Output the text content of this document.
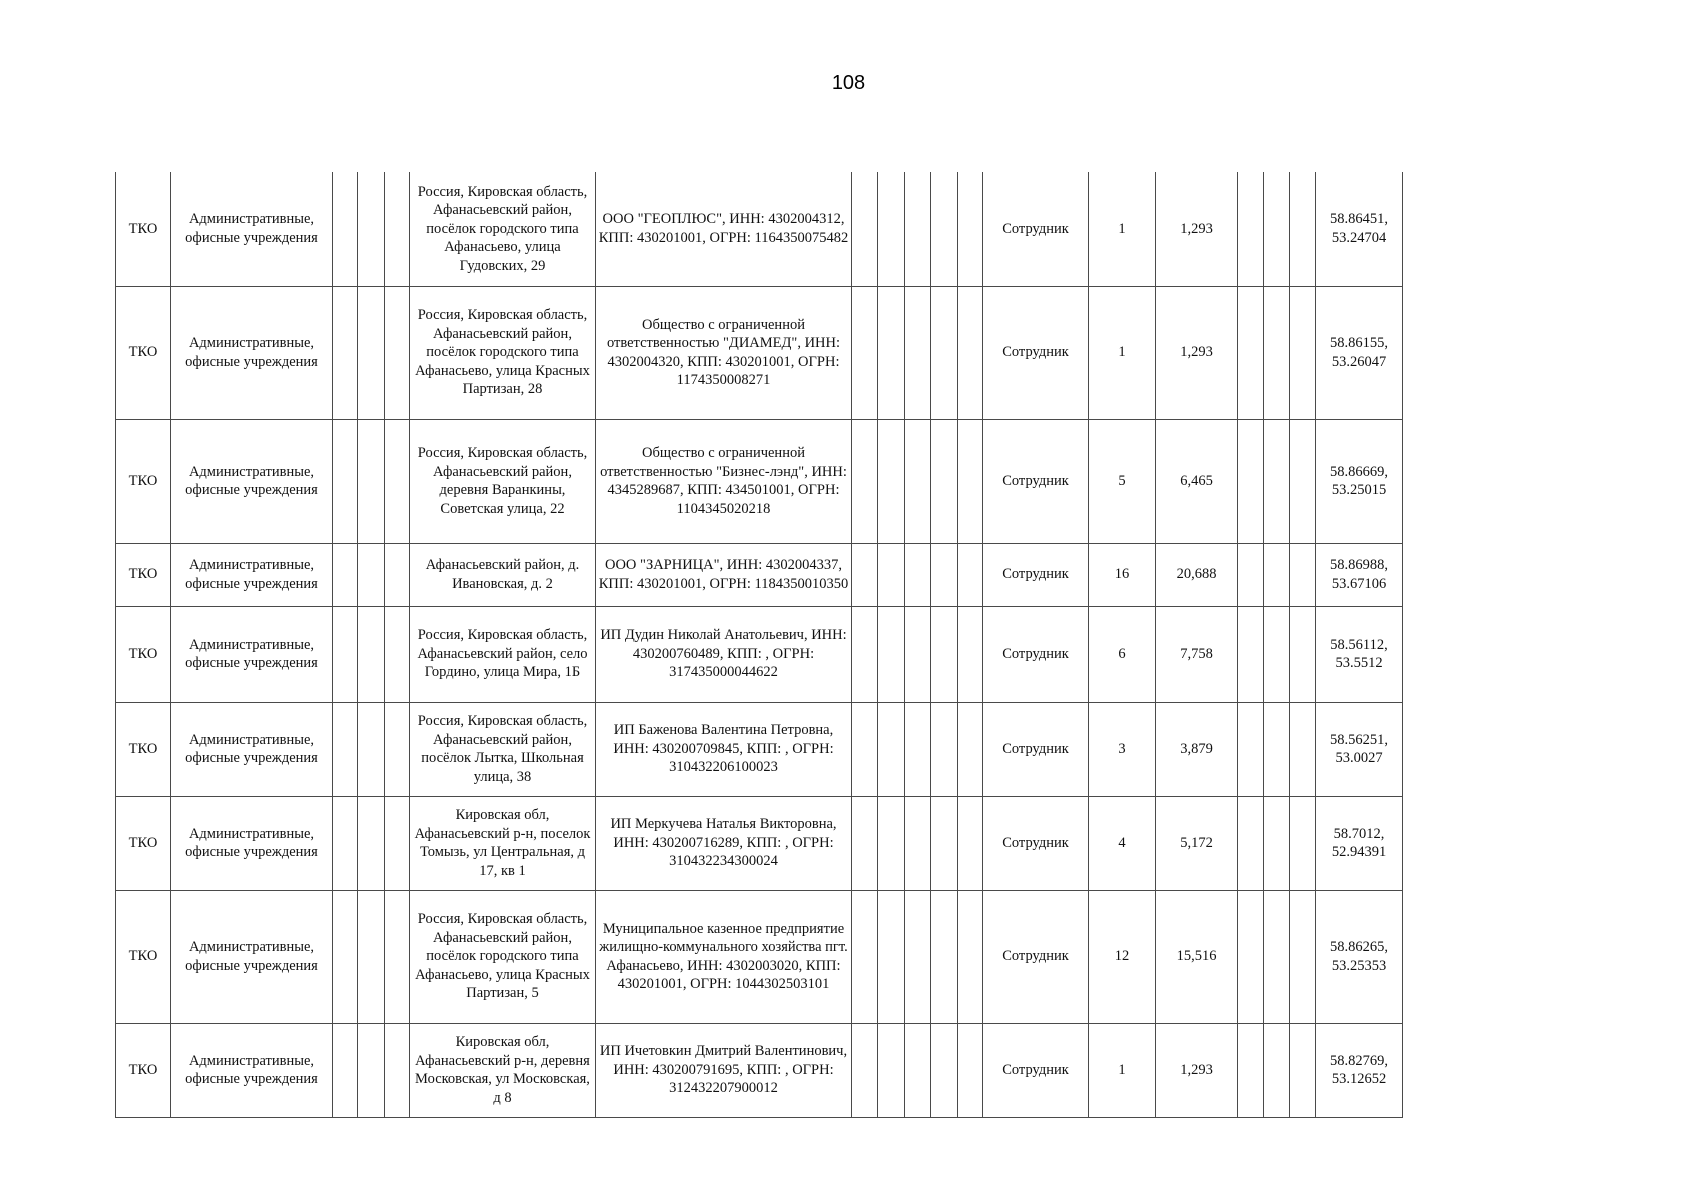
108
ТКО	Административные, офисные учреждения				Россия, Кировская область, Афанасьевский район, посёлок городского типа Афанасьево, улица Гудовских, 29	ООО "ГЕОПЛЮС", ИНН: 4302004312, КПП: 430201001, ОГРН: 1164350075482						Сотрудник	1	1,293				58.86451, 53.24704
ТКО	Административные, офисные учреждения				Россия, Кировская область, Афанасьевский район, посёлок городского типа Афанасьево, улица Красных Партизан, 28	Общество с ограниченной ответственностью "ДИАМЕД", ИНН: 4302004320, КПП: 430201001, ОГРН: 1174350008271						Сотрудник	1	1,293				58.86155, 53.26047
ТКО	Административные, офисные учреждения				Россия, Кировская область, Афанасьевский район, деревня Варанкины, Советская улица, 22	Общество с ограниченной ответственностью "Бизнес-лэнд", ИНН: 4345289687, КПП: 434501001, ОГРН: 1104345020218						Сотрудник	5	6,465				58.86669, 53.25015
ТКО	Административные, офисные учреждения				Афанасьевский район, д. Ивановская, д. 2	ООО "ЗАРНИЦА", ИНН: 4302004337, КПП: 430201001, ОГРН: 1184350010350						Сотрудник	16	20,688				58.86988, 53.67106
ТКО	Административные, офисные учреждения				Россия, Кировская область, Афанасьевский район, село Гордино, улица Мира, 1Б	ИП Дудин Николай Анатольевич, ИНН: 430200760489, КПП: , ОГРН: 317435000044622						Сотрудник	6	7,758				58.56112, 53.5512
ТКО	Административные, офисные учреждения				Россия, Кировская область, Афанасьевский район, посёлок Лытка, Школьная улица, 38	ИП Баженова Валентина Петровна, ИНН: 430200709845, КПП: , ОГРН: 310432206100023						Сотрудник	3	3,879				58.56251, 53.0027
ТКО	Административные, офисные учреждения				Кировская обл, Афанасьевский р-н, поселок Томызь, ул Центральная, д 17, кв 1	ИП Меркучева Наталья Викторовна, ИНН: 430200716289, КПП: , ОГРН: 310432234300024						Сотрудник	4	5,172				58.7012, 52.94391
ТКО	Административные, офисные учреждения				Россия, Кировская область, Афанасьевский район, посёлок городского типа Афанасьево, улица Красных Партизан, 5	Муниципальное казенное предприятие жилищно-коммунального хозяйства пгт. Афанасьево, ИНН: 4302003020, КПП: 430201001, ОГРН: 1044302503101						Сотрудник	12	15,516				58.86265, 53.25353
ТКО	Административные, офисные учреждения				Кировская обл, Афанасьевский р-н, деревня Московская, ул Московская, д 8	ИП Ичетовкин Дмитрий Валентинович, ИНН: 430200791695, КПП: , ОГРН: 312432207900012						Сотрудник	1	1,293				58.82769, 53.12652
